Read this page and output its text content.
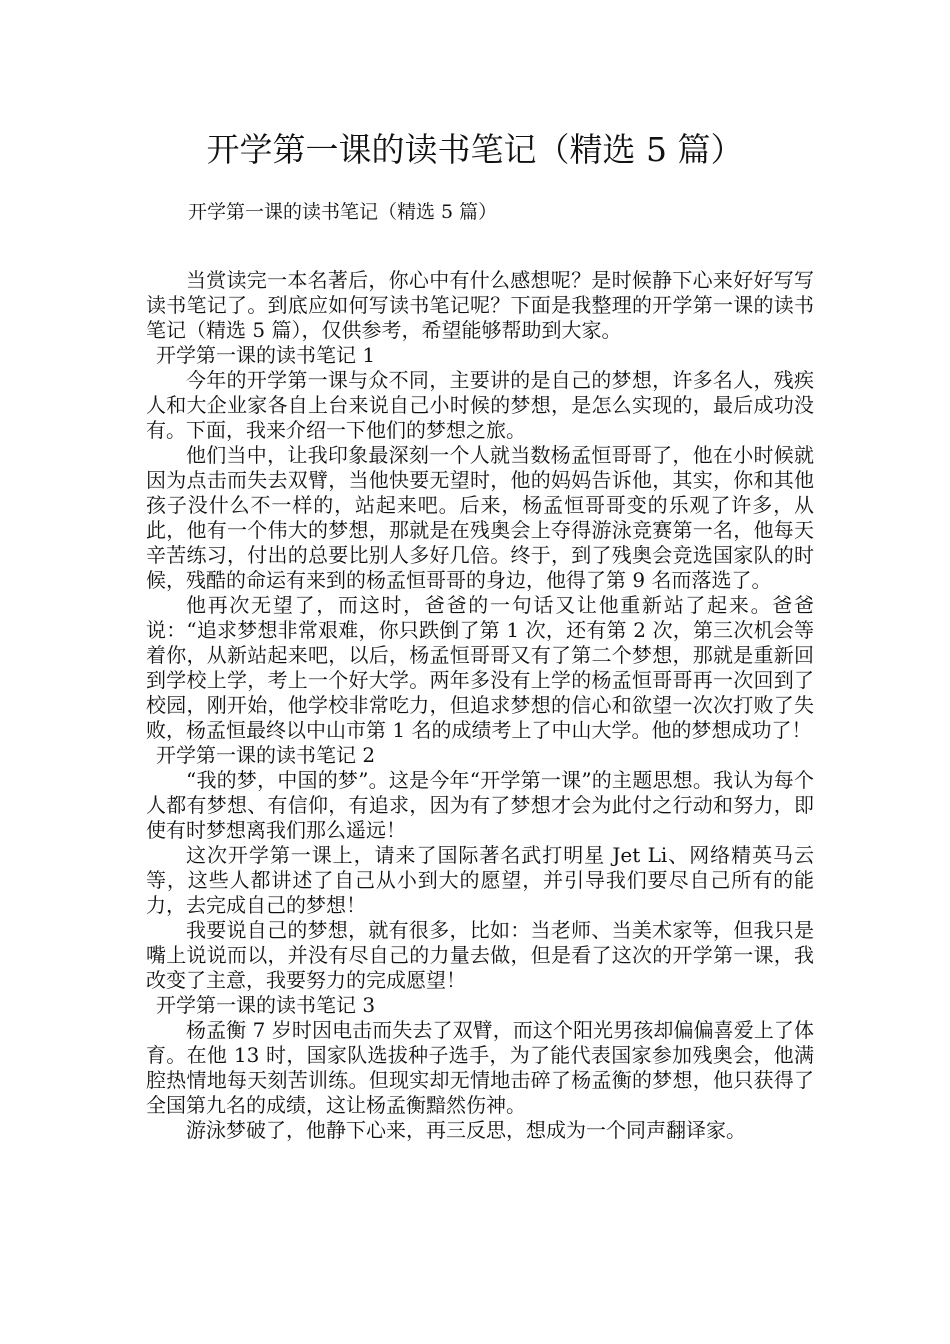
开学第一课的读书笔记（精选 5 篇）
开学第一课的读书笔记（精选 5 篇）

当赏读完一本名著后，你心中有什么感想呢？是时候静下心来好好写写读书笔记了。到底应如何写读书笔记呢？下面是我整理的开学第一课的读书笔记（精选 5 篇），仅供参考，希望能够帮助到大家。

开学第一课的读书笔记 1

今年的开学第一课与众不同，主要讲的是自己的梦想，许多名人，残疾人和大企业家各自上台来说自己小时候的梦想，是怎么实现的，最后成功没有。下面，我来介绍一下他们的梦想之旅。

他们当中，让我印象最深刻一个人就当数杨孟恒哥哥了，他在小时候就因为点击而失去双臂，当他快要无望时，他的妈妈告诉他，其实，你和其他孩子没什么不一样的，站起来吧。后来，杨孟恒哥哥变的乐观了许多，从此，他有一个伟大的梦想，那就是在残奥会上夺得游泳竞赛第一名，他每天辛苦练习，付出的总要比别人多好几倍。终于，到了残奥会竞选国家队的时候，残酷的命运有来到的杨孟恒哥哥的身边，他得了第 9 名而落选了。

他再次无望了，而这时，爸爸的一句话又让他重新站了起来。爸爸说：“追求梦想非常艰难，你只跌倒了第 1 次，还有第 2 次，第三次机会等着你，从新站起来吧，以后，杨孟恒哥哥又有了第二个梦想，那就是重新回到学校上学，考上一个好大学。两年多没有上学的杨孟恒哥哥再一次回到了校园，刚开始，他学校非常吃力，但追求梦想的信心和欲望一次次打败了失败，杨孟恒最终以中山市第 1 名的成绩考上了中山大学。他的梦想成功了！

开学第一课的读书笔记 2

“我的梦，中国的梦”。这是今年“开学第一课”的主题思想。我认为每个人都有梦想、有信仰，有追求，因为有了梦想才会为此付之行动和努力，即使有时梦想离我们那么遥远！

这次开学第一课上，请来了国际著名武打明星 Jet Li、网络精英马云等，这些人都讲述了自己从小到大的愿望，并引导我们要尽自己所有的能力，去完成自己的梦想！

我要说自己的梦想，就有很多，比如：当老师、当美术家等，但我只是嘴上说说而以，并没有尽自己的力量去做，但是看了这次的开学第一课，我改变了主意，我要努力的完成愿望！

开学第一课的读书笔记 3

杨孟衡 7 岁时因电击而失去了双臂，而这个阳光男孩却偏偏喜爱上了体育。在他 13 时，国家队选拔种子选手，为了能代表国家参加残奥会，他满腔热情地每天刻苦训练。但现实却无情地击碎了杨孟衡的梦想，他只获得了全国第九名的成绩，这让杨孟衡黯然伤神。

游泳梦破了，他静下心来，再三反思，想成为一个同声翻译家。
